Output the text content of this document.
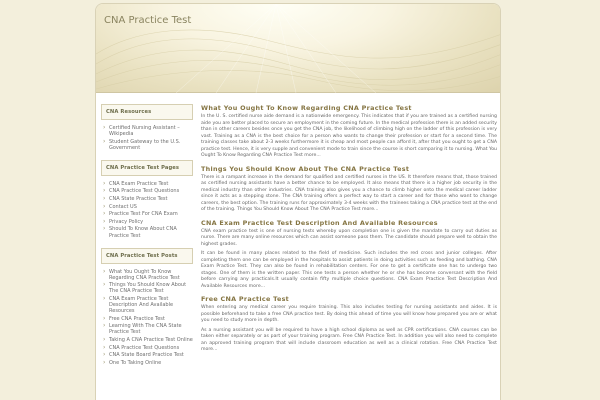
CNA Practice Test
CNA Resources
› Certified Nursing Assistant – Wikipedia
› Student Gateway to the U.S. Government
CNA Practice Test Pages
› CNA Exam Practice Test
› CNA Practice Test Questions
› CNA State Practice Test
› Contact US
› Practice Test For CNA Exam
› Privacy Policy
› Should To Know About CNA Practice Test
CNA Practice Test Posts
› What You Ought To Know Regarding CNA Practice Test
› Things You Should Know About The CNA Practice Test
› CNA Exam Practice Test Description And Available Resources
› Free CNA Practice Test
› Learning With The CNA State Practice Test
› Taking A CNA Practice Test Online
› CNA Practice Test Questions
› CNA State Board Practice Test
› One To Taking Online
What You Ought To Know Regarding CNA Practice Test

In the U. S. certified nurse aide demand is a nationwide emergency. This indicates that if you are trained as a certified nursing aide you are better placed to secure an employment in the coming future. In the medical profession there is an added security than in other careers besides once you get the CNA job, the likelihood of climbing high on the ladder of this profession is very vast. Training as a CNA is the best choice for a person who wants to change their profession or start for a second time. The training classes take about 2-3 weeks furthermore it is cheap and most people can afford it, after that you ought to get a CNA practice test. Hence, it is very supple and convenient mode to train since the course is short comparing it to nursing. What You Ought To Know Regarding CNA Practice Test more...

Things You Should Know About The CNA Practice Test

There is a rampant increase in the demand for qualified and certified nurses in the US. It therefore means that, those trained as certified nursing assistants have a better chance to be employed. It also means that there is a higher job security in the medical industry than other industries. CNA training also gives you a chance to climb higher onto the medical career ladder since it acts as a stepping stone. The CNA training offers a perfect way to start a career and for those who want to change careers, the best option. The training runs for approximately 3-4 weeks with the trainees taking a CNA practice test at the end of the training. Things You Should Know About The CNA Practice Test more...

CNA Exam Practice Test Description And Available Resources

CNA exam practice test is one of nursing tests whereby upon completion one is given the mandate to carry out duties as nurse. There are many online resources which can assist someone pass them. The candidate should prepare well to obtain the highest grades.

It can be found in many places related to the field of medicine. Such includes the red cross and junior colleges. After completing them one can be employed in the hospitals to assist patients in doing activities such as feeding and bathing. CNA Exam Practice Test. They can also be found in rehabilitation centers. For one to get a certificate one has to undergo two stages. One of them is the written paper. This one tests a person whether he or she has become conversant with the field before carrying any practicals.It usually contain fifty multiple choice questions. CNA Exam Practice Test Description And Available Resources more...

Free CNA Practice Test

When entering any medical career you require training. This also includes testing for nursing assistants and aides. It is possible beforehand to take a free CNA practice test. By doing this ahead of time you will know how prepared you are or what you need to study more in depth.

As a nursing assistant you will be required to have a high school diploma as well as CPR certifications. CNA courses can be taken either separately or as part of your training program. Free CNA Practice Test. In addition you will also need to complete an approved training program that will include classroom education as well as a clinical rotation. Free CNA Practice Test more...
